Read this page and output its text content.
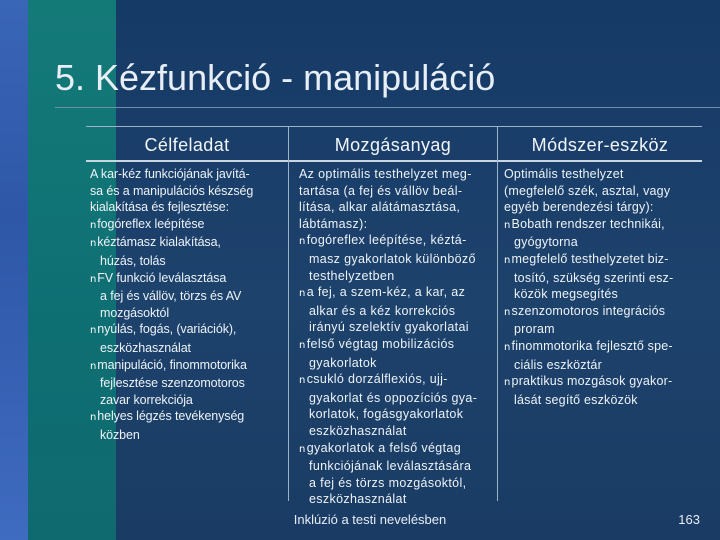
5. Kézfunkció - manipuláció
Célfeladat
A kar-kéz funkciójának javítá-
sa és a manipulációs készség
kialakítása és fejlesztése:
nfogóreflex leépítése
nkéztámasz kialakítása,
húzás, tolás
nFV funkció leválasztása
a fej és vállöv, törzs és AV
mozgásoktól
nnyúlás, fogás, (variációk),
eszközhasználat
nmanipuláció, finommotorika
fejlesztése szenzomotoros
zavar korrekciója
nhelyes légzés tevékenység
közben
Mozgásanyag
Az optimális testhelyzet meg-
tartása (a fej és vállöv beál-
lítása, alkar alátámasztása,
lábtámasz):
nfogóreflex leépítése, kéztá-
masz gyakorlatok különböző
testhelyzetben
na fej, a szem-kéz, a kar, az
alkar és a kéz korrekciós
irányú szelektív gyakorlatai
nfelső végtag mobilizációs
gyakorlatok
ncsukló dorzálflexiós, ujj-
gyakorlat és oppozíciós gya-
korlatok, fogásgyakorlatok
eszközhasználat
ngyakorlatok a felső végtag
funkciójának leválasztására
a fej és törzs mozgásoktól,
eszközhasználat
Módszer-eszköz
Optimális testhelyzet
(megfelelő szék, asztal, vagy
egyéb berendezési tárgy):
nBobath rendszer technikái,
gyógytorna
nmegfelelő testhelyzetet biz-
tosító, szükség szerinti esz-
közök megsegítés
nszenzomotoros integrációs
proram
nfinommotorika fejlesztő spe-
ciális eszköztár
npraktikus mozgások gyakor-
lását segítő eszközök
Inklúzió a testi nevelésben	163
